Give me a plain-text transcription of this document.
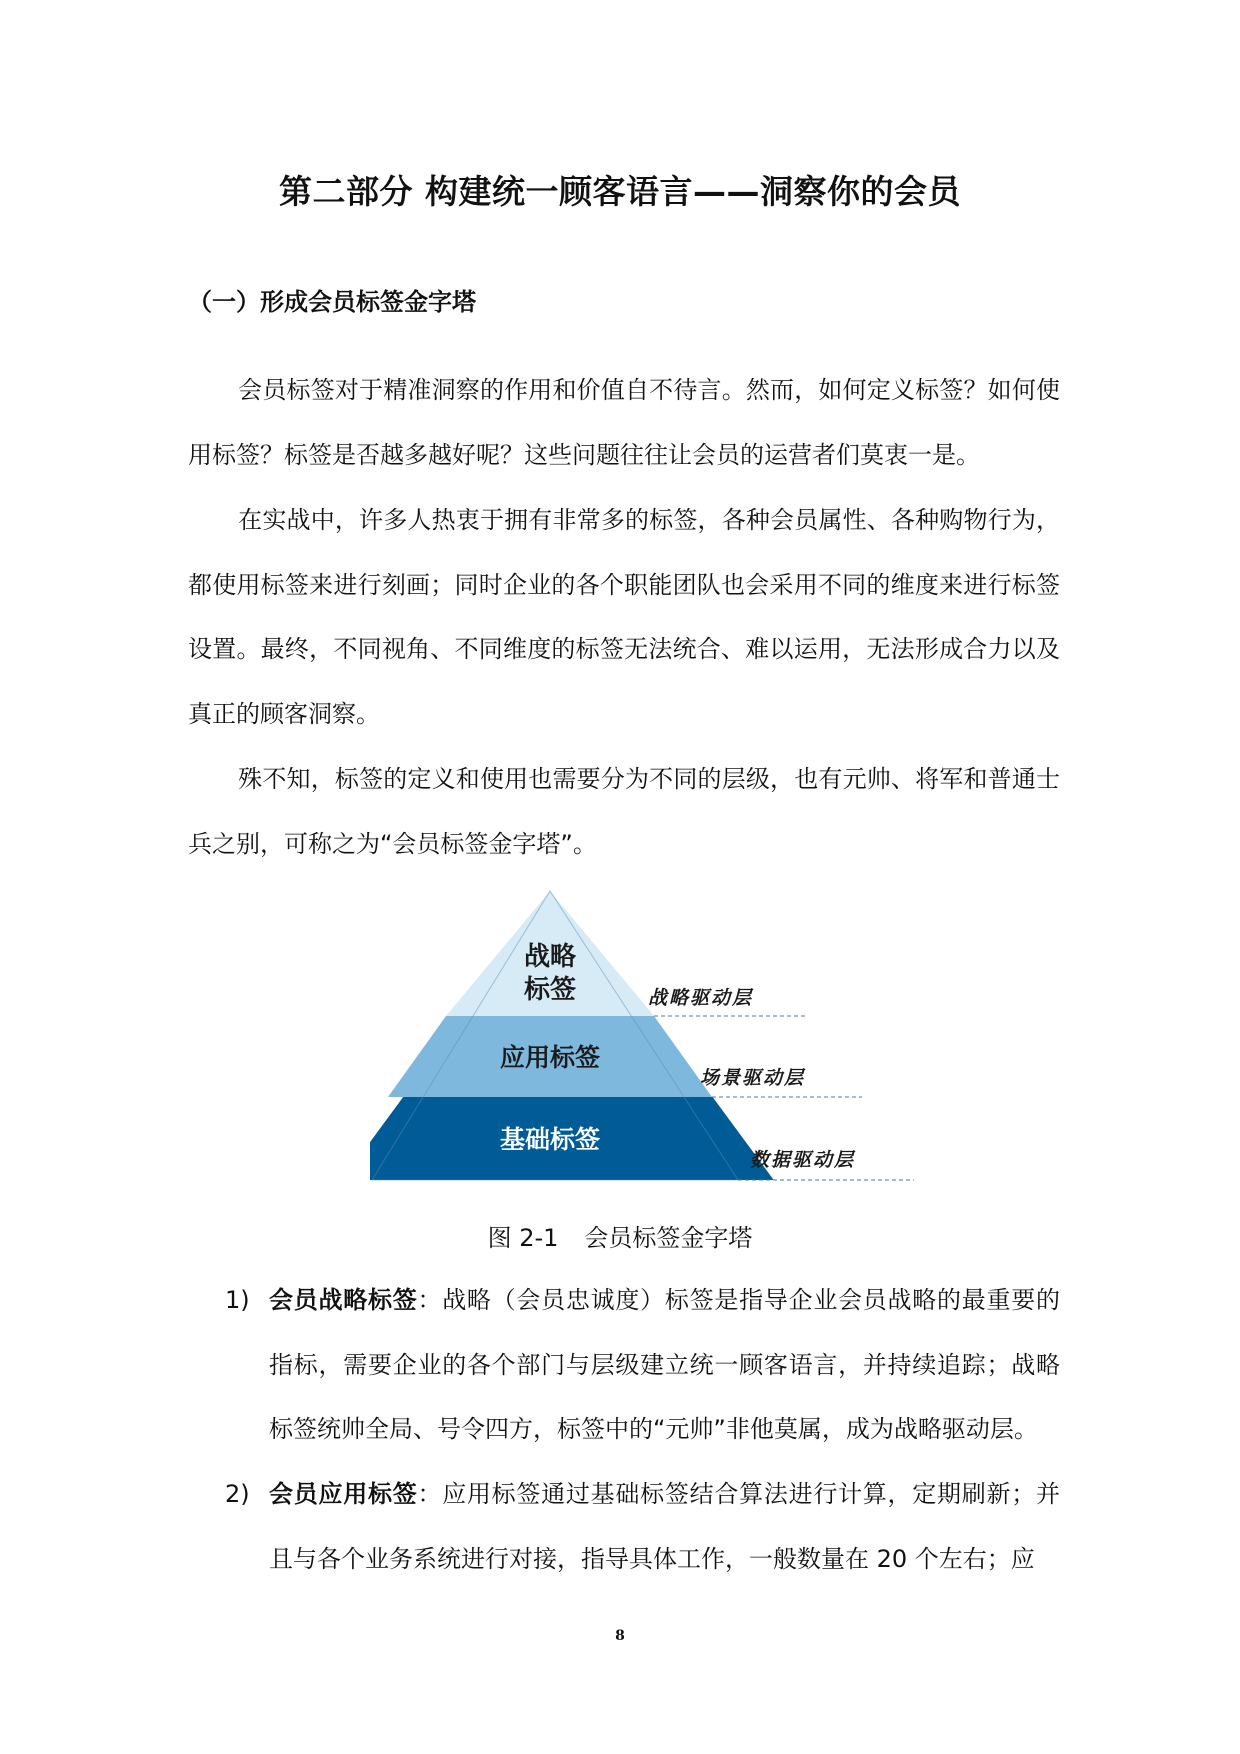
第二部分 构建统一顾客语言——洞察你的会员
（一）形成会员标签金字塔

会员标签对于精准洞察的作用和价值自不待言。然而，如何定义标签？如何使用标签？标签是否越多越好呢？这些问题往往让会员的运营者们莫衷一是。

在实战中，许多人热衷于拥有非常多的标签，各种会员属性、各种购物行为，都使用标签来进行刻画；同时企业的各个职能团队也会采用不同的维度来进行标签设置。最终，不同视角、不同维度的标签无法统合、难以运用，无法形成合力以及真正的顾客洞察。

殊不知，标签的定义和使用也需要分为不同的层级，也有元帅、将军和普通士兵之别，可称之为“会员标签金字塔”。

战略
标签
应用标签
基础标签
战略驱动层
场景驱动层
数据驱动层
图 2-1 会员标签金字塔
1) 会员战略标签：战略（会员忠诚度）标签是指导企业会员战略的最重要的指标，需要企业的各个部门与层级建立统一顾客语言，并持续追踪；战略标签统帅全局、号令四方，标签中的“元帅”非他莫属，成为战略驱动层。

2) 会员应用标签：应用标签通过基础标签结合算法进行计算，定期刷新；并且与各个业务系统进行对接，指导具体工作，一般数量在 20 个左右；应

8
